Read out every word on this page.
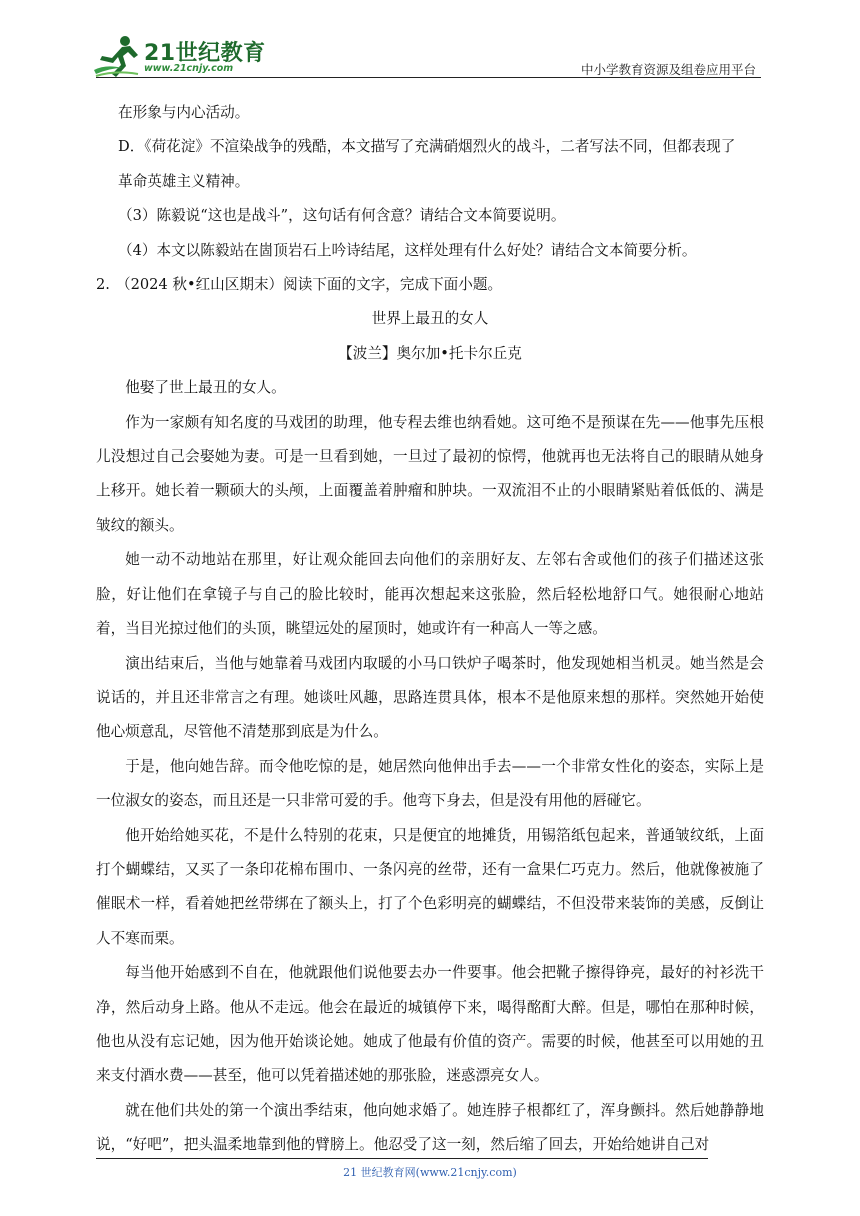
21世纪教育
www.21cnjy.com	中小学教育资源及组卷应用平台

在形象与内心活动。

D．《荷花淀》不渲染战争的残酷，本文描写了充满硝烟烈火的战斗，二者写法不同，但都表现了

革命英雄主义精神。

（3）陈毅说“这也是战斗”，这句话有何含意？请结合文本简要说明。

（4）本文以陈毅站在崮顶岩石上吟诗结尾，这样处理有什么好处？请结合文本简要分析。

2. （2024 秋•红山区期末）阅读下面的文字，完成下面小题。

世界上最丑的女人

【波兰】奥尔加•托卡尔丘克

他娶了世上最丑的女人。

作为一家颇有知名度的马戏团的助理，他专程去维也纳看她。这可绝不是预谋在先——他事先压根儿没想过自己会娶她为妻。可是一旦看到她，一旦过了最初的惊愕，他就再也无法将自己的眼睛从她身上移开。她长着一颗硕大的头颅，上面覆盖着肿瘤和肿块。一双流泪不止的小眼睛紧贴着低低的、满是皱纹的额头。

她一动不动地站在那里，好让观众能回去向他们的亲朋好友、左邻右舍或他们的孩子们描述这张脸，好让他们在拿镜子与自己的脸比较时，能再次想起来这张脸，然后轻松地舒口气。她很耐心地站着，当目光掠过他们的头顶，眺望远处的屋顶时，她或许有一种高人一等之感。

演出结束后，当他与她靠着马戏团内取暖的小马口铁炉子喝茶时，他发现她相当机灵。她当然是会说话的，并且还非常言之有理。她谈吐风趣，思路连贯具体，根本不是他原来想的那样。突然她开始使他心烦意乱，尽管他不清楚那到底是为什么。

于是，他向她告辞。而令他吃惊的是，她居然向他伸出手去——一个非常女性化的姿态，实际上是一位淑女的姿态，而且还是一只非常可爱的手。他弯下身去，但是没有用他的唇碰它。

他开始给她买花，不是什么特别的花束，只是便宜的地摊货，用锡箔纸包起来，普通皱纹纸，上面打个蝴蝶结，又买了一条印花棉布围巾、一条闪亮的丝带，还有一盒果仁巧克力。然后，他就像被施了催眠术一样，看着她把丝带绑在了额头上，打了个色彩明亮的蝴蝶结，不但没带来装饰的美感，反倒让人不寒而栗。

每当他开始感到不自在，他就跟他们说他要去办一件要事。他会把靴子擦得铮亮，最好的衬衫洗干净，然后动身上路。他从不走远。他会在最近的城镇停下来，喝得酩酊大醉。但是，哪怕在那种时候，他也从没有忘记她，因为他开始谈论她。她成了他最有价值的资产。需要的时候，他甚至可以用她的丑来支付酒水费——甚至，他可以凭着描述她的那张脸，迷惑漂亮女人。

就在他们共处的第一个演出季结束，他向她求婚了。她连脖子根都红了，浑身颤抖。然后她静静地说，“好吧”，把头温柔地靠到他的臂膀上。他忍受了这一刻，然后缩了回去，开始给她讲自己对

21 世纪教育网(www.21cnjy.com)
